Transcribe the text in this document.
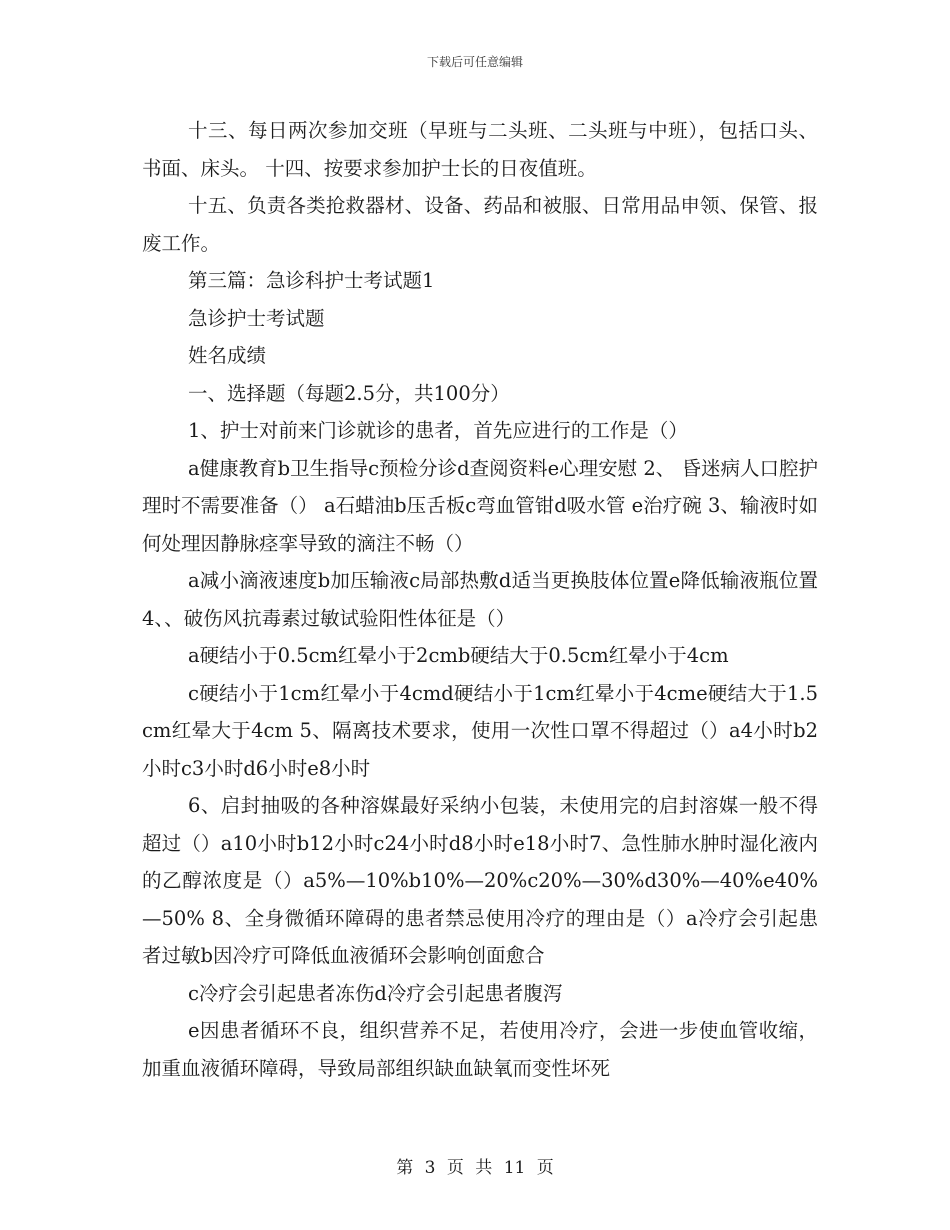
下载后可任意编辑

十三、每日两次参加交班（早班与二头班、二头班与中班），包括口头、书面、床头。 十四、按要求参加护士长的日夜值班。

十五、负责各类抢救器材、设备、药品和被服、日常用品申领、保管、报废工作。

第三篇：急诊科护士考试题1

急诊护士考试题

姓名成绩

一、选择题（每题2.5分，共100分）

1、护士对前来门诊就诊的患者，首先应进行的工作是（）

a健康教育b卫生指导c预检分诊d查阅资料e心理安慰 2、 昏迷病人口腔护理时不需要准备（） a石蜡油b压舌板c弯血管钳d吸水管 e治疗碗 3、输液时如何处理因静脉痉挛导致的滴注不畅（）

a减小滴液速度b加压输液c局部热敷d适当更换肢体位置e降低输液瓶位置 4、、破伤风抗毒素过敏试验阳性体征是（）

a硬结小于0.5cm红晕小于2cmb硬结大于0.5cm红晕小于4cm

c硬结小于1cm红晕小于4cmd硬结小于1cm红晕小于4cme硬结大于1.5cm红晕大于4cm 5、隔离技术要求，使用一次性口罩不得超过（）a4小时b2小时c3小时d6小时e8小时

6、启封抽吸的各种溶媒最好采纳小包装，未使用完的启封溶媒一般不得超过（）a10小时b12小时c24小时d8小时e18小时7、急性肺水肿时湿化液内的乙醇浓度是（）a5%—10%b10%—20%c20%—30%d30%—40%e40%—50% 8、全身微循环障碍的患者禁忌使用冷疗的理由是（）a冷疗会引起患者过敏b因冷疗可降低血液循环会影响创面愈合

c冷疗会引起患者冻伤d冷疗会引起患者腹泻

e因患者循环不良，组织营养不足，若使用冷疗，会进一步使血管收缩，加重血液循环障碍，导致局部组织缺血缺氧而变性坏死

第 3 页 共 11 页
